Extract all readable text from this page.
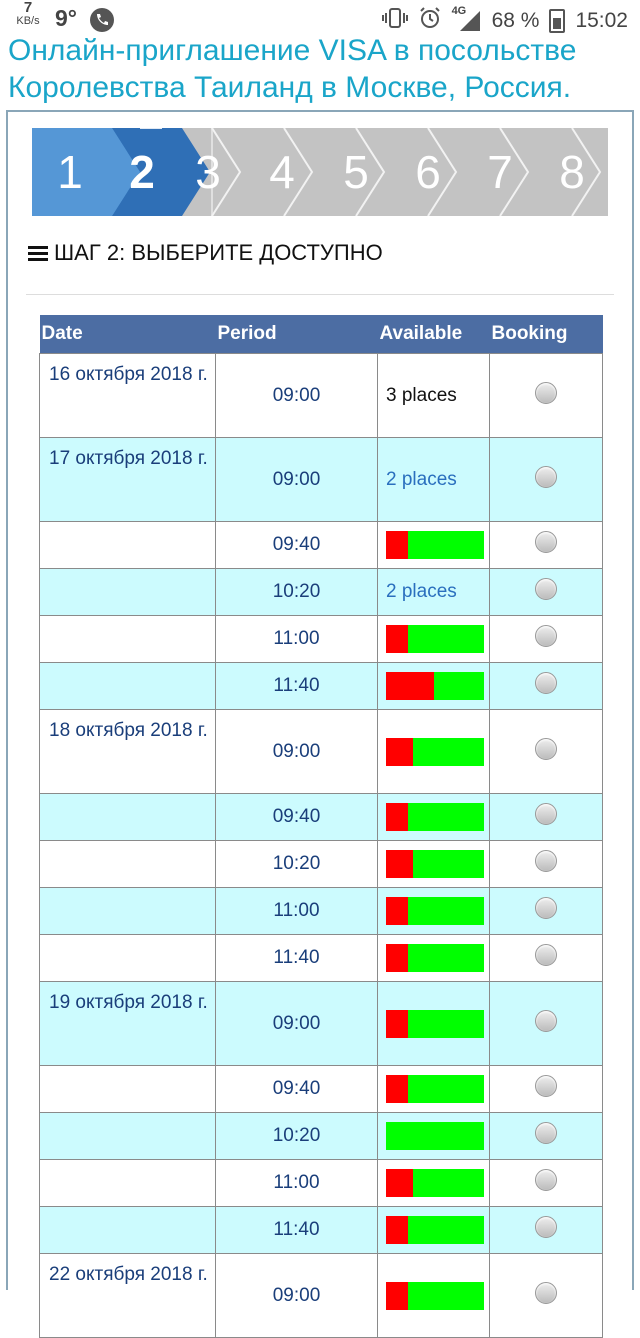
7
KB/s 9°	4G 68 % 15:02
Онлайн-приглашение VISA в посольстве Королевства Таиланд в Москве, Россия.
1	2 3	4	5	6	7	8
ШАГ 2: ВЫБЕРИТЕ ДОСТУПНО
Date	Period	Available	Booking
16 октября 2018 г.	09:00	3 places	
17 октября 2018 г.	09:00	2 places	
	09:40	

	10:20	2 places	
	11:00	

	11:40	

18 октября 2018 г.	09:00	

	09:40	

	10:20	

	11:00	

	11:40	

19 октября 2018 г.	09:00	

	09:40	

	10:20	

	11:00	

	11:40	

22 октября 2018 г.	09:00	
